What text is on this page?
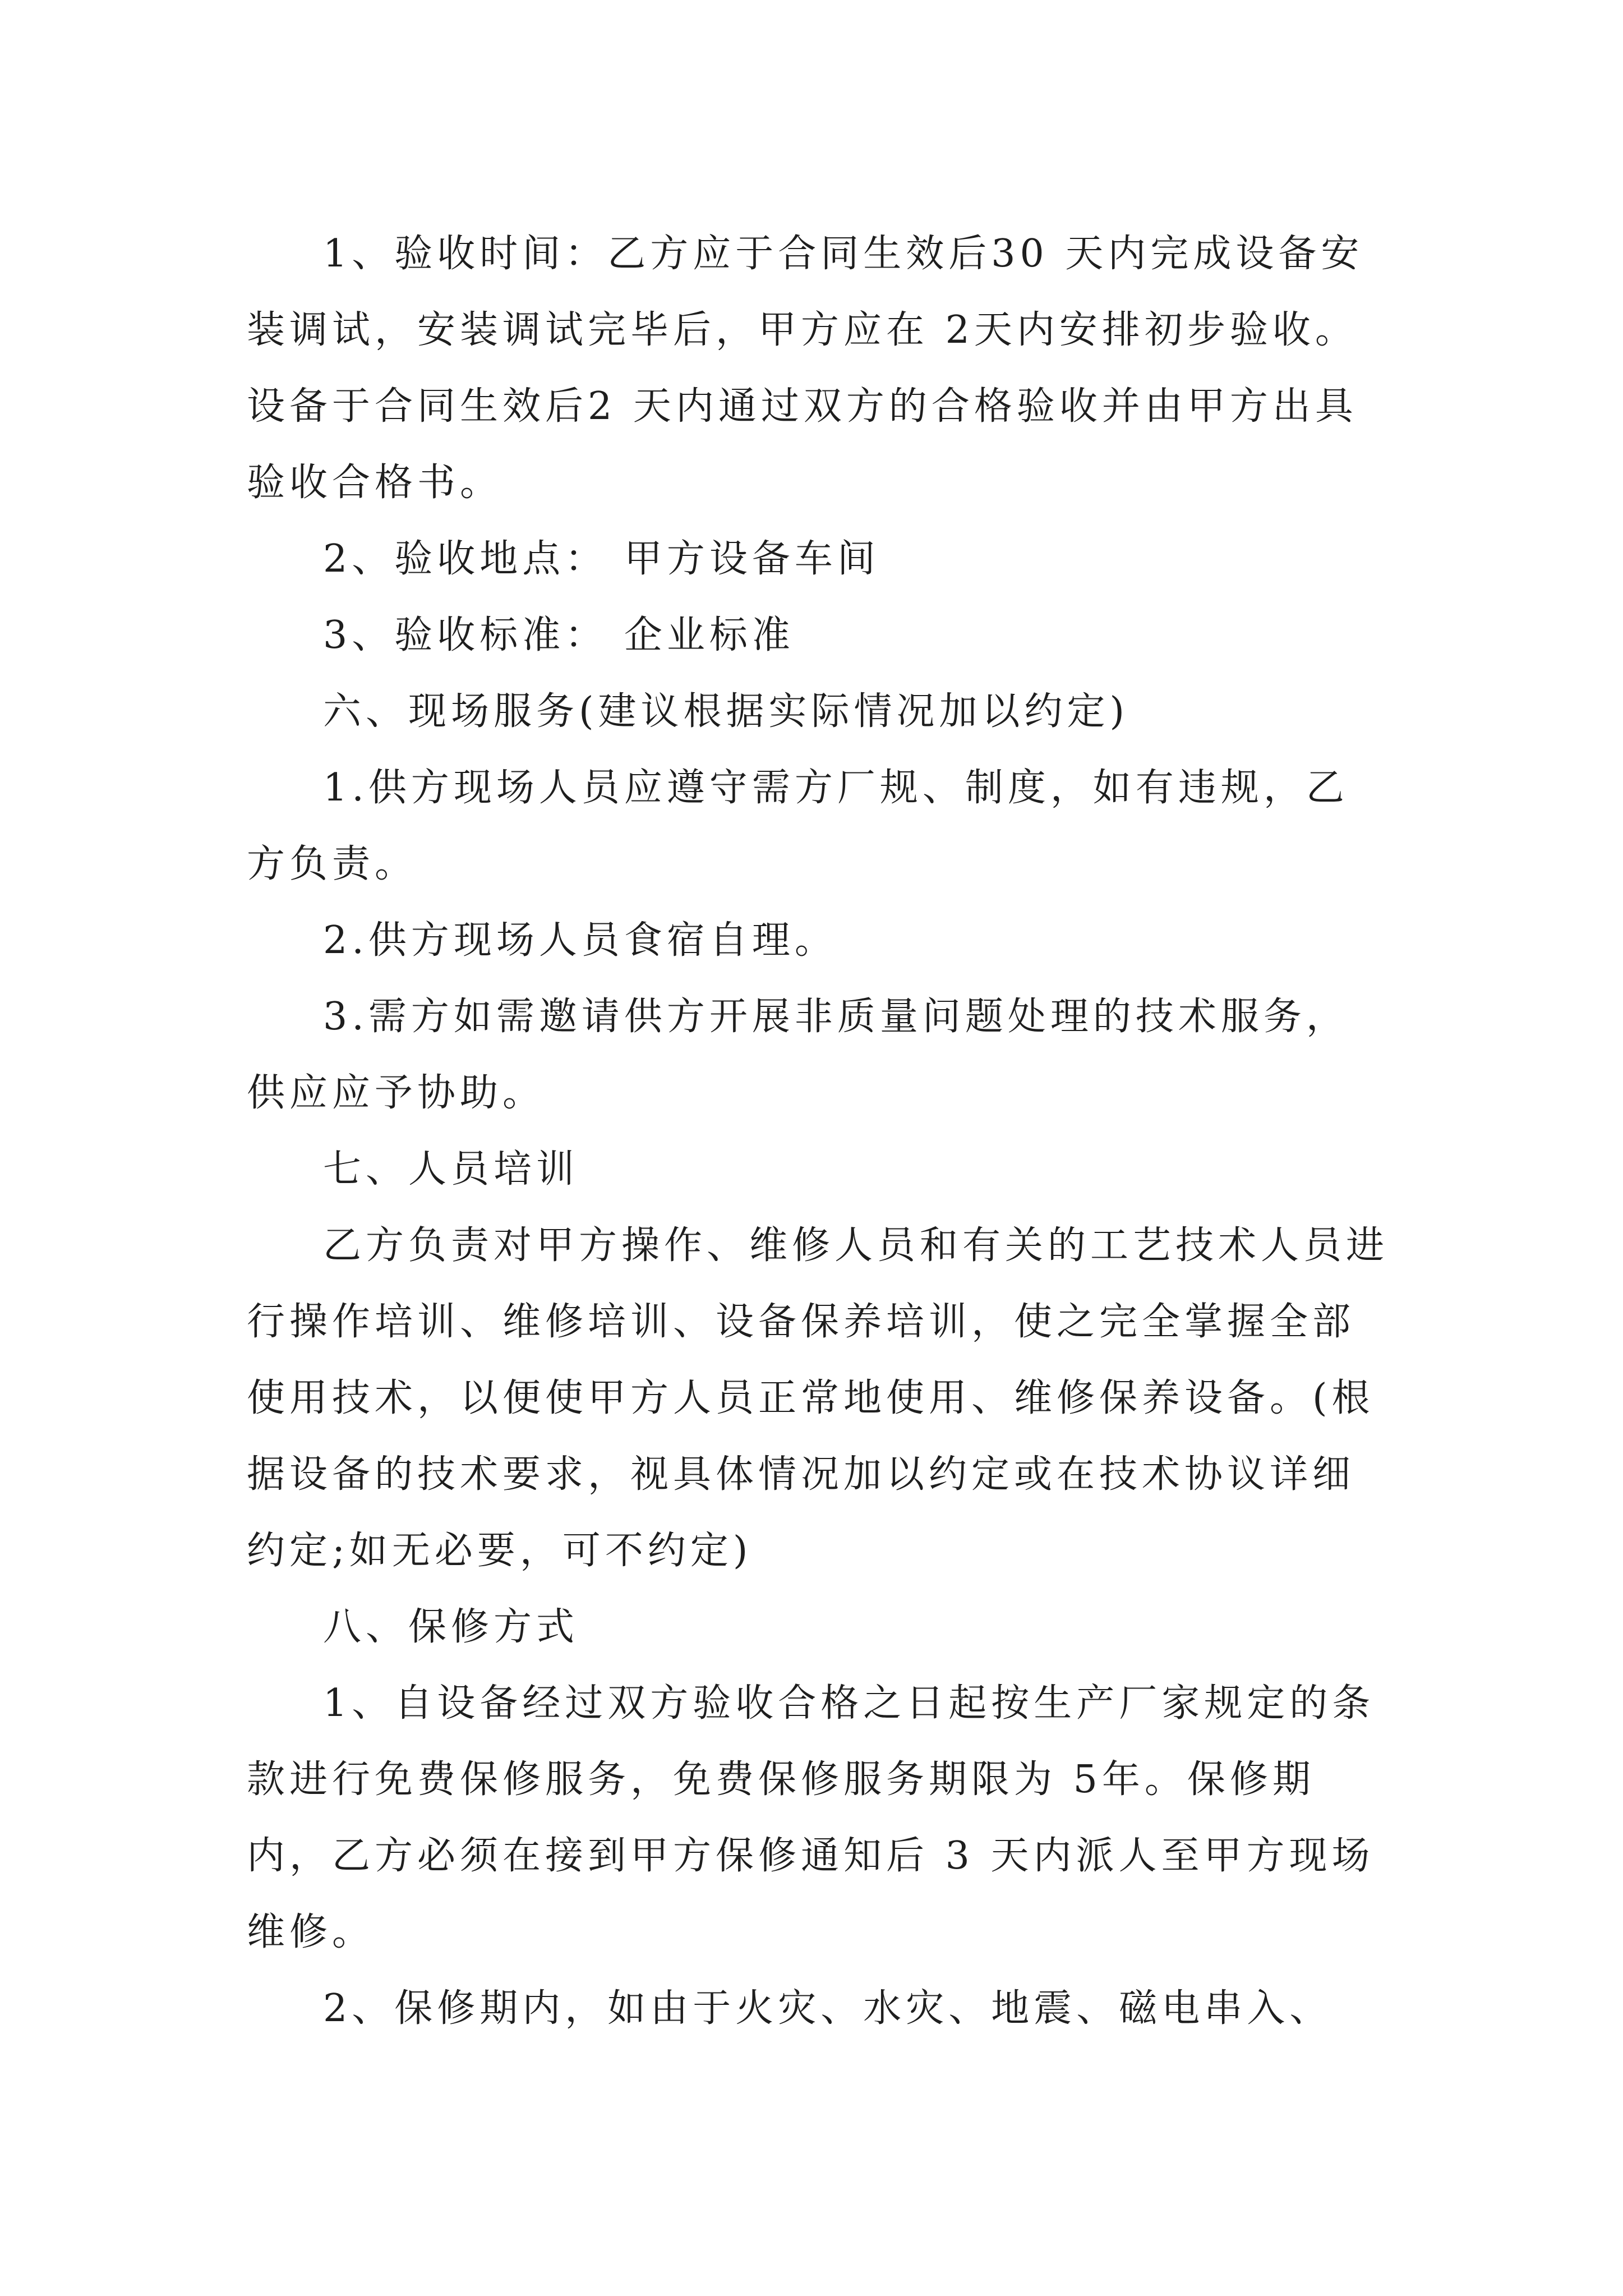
1、验收时间：乙方应于合同生效后30 天内完成设备安装调试，安装调试完毕后，甲方应在 2天内安排初步验收。设备于合同生效后2 天内通过双方的合格验收并由甲方出具验收合格书。

2、验收地点： 甲方设备车间

3、验收标准： 企业标准

六、现场服务(建议根据实际情况加以约定)

1.供方现场人员应遵守需方厂规、制度，如有违规，乙方负责。

2.供方现场人员食宿自理。

3.需方如需邀请供方开展非质量问题处理的技术服务，供应应予协助。

七、人员培训

乙方负责对甲方操作、维修人员和有关的工艺技术人员进行操作培训、维修培训、设备保养培训，使之完全掌握全部使用技术，以便使甲方人员正常地使用、维修保养设备。(根据设备的技术要求，视具体情况加以约定或在技术协议详细约定;如无必要，可不约定)

八、保修方式

1、自设备经过双方验收合格之日起按生产厂家规定的条款进行免费保修服务，免费保修服务期限为 5年。保修期内，乙方必须在接到甲方保修通知后 3 天内派人至甲方现场维修。

2、保修期内，如由于火灾、水灾、地震、磁电串入、
